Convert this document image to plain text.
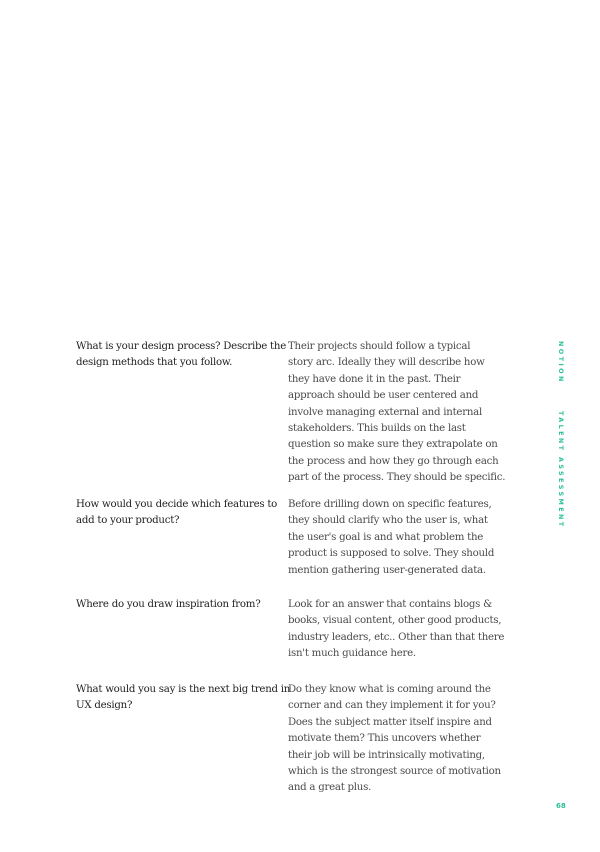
What is your design process? Describe the
design methods that you follow.
Their projects should follow a typical
story arc. Ideally they will describe how
they have done it in the past. Their
approach should be user centered and
involve managing external and internal
stakeholders. This builds on the last
question so make sure they extrapolate on
the process and how they go through each
part of the process. They should be specific.
How would you decide which features to
add to your product?
Before drilling down on specific features,
they should clarify who the user is, what
the user's goal is and what problem the
product is supposed to solve. They should
mention gathering user-generated data.
Where do you draw inspiration from?	Look for an answer that contains blogs &
books, visual content, other good products,
industry leaders, etc.. Other than that there
isn't much guidance here.
What would you say is the next big trend in
UX design?
Do they know what is coming around the
corner and can they implement it for you?
Does the subject matter itself inspire and
motivate them? This uncovers whether
their job will be intrinsically motivating,
which is the strongest source of motivation
and a great plus.
NOTION
TALENT ASSESSMENT
68
